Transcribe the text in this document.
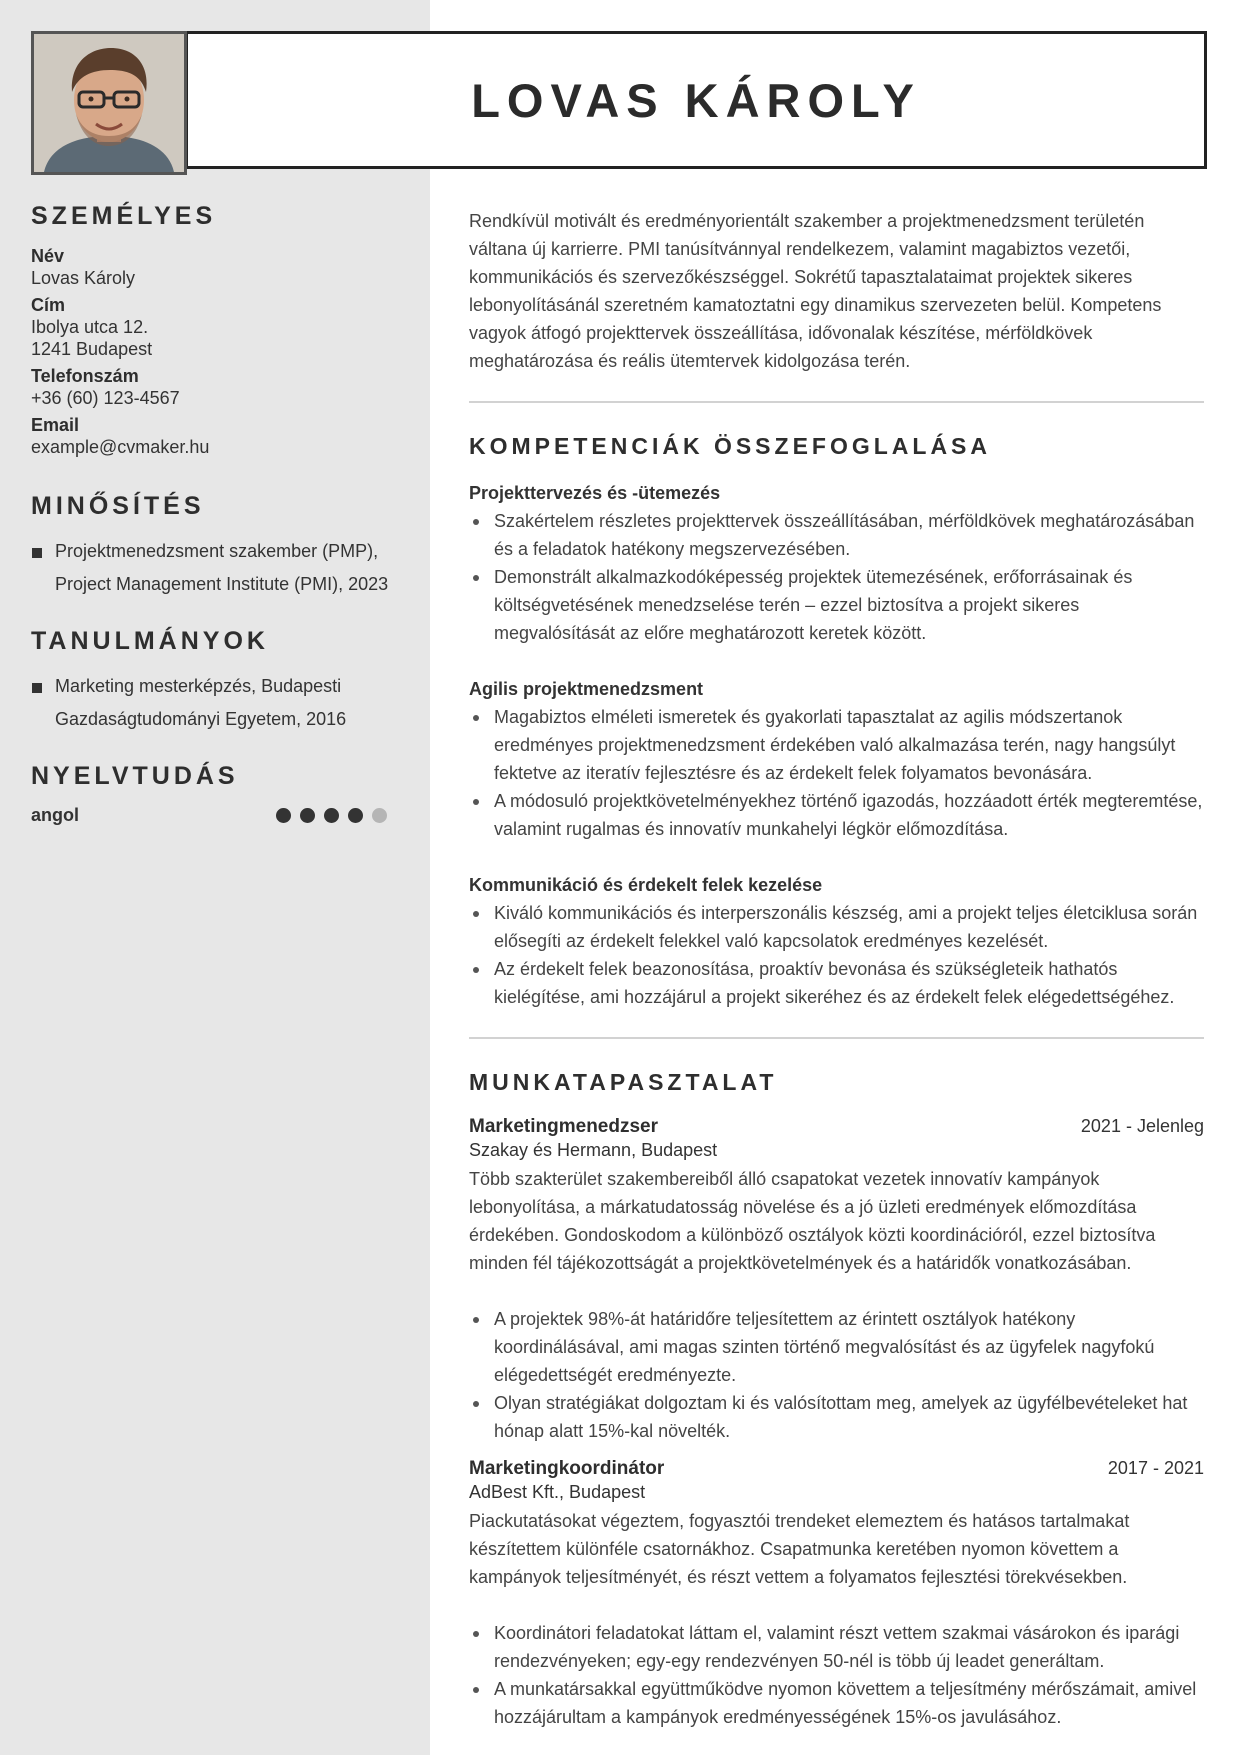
LOVAS KÁROLY
SZEMÉLYES
Név
Lovas Károly
Cím
Ibolya utca 12.
1241 Budapest
Telefonszám
+36 (60) 123-4567
Email
example@cvmaker.hu
MINŐSÍTÉS
Projektmenedzsment szakember (PMP), Project Management Institute (PMI), 2023
TANULMÁNYOK
Marketing mesterképzés, Budapesti Gazdaságtudományi Egyetem, 2016
NYELVTUDÁS
angol

Rendkívül motivált és eredményorientált szakember a projektmenedzsment területén váltana új karrierre. PMI tanúsítvánnyal rendelkezem, valamint magabiztos vezetői, kommunikációs és szervezőkészséggel. Sokrétű tapasztalataimat projektek sikeres lebonyolításánál szeretném kamatoztatni egy dinamikus szervezeten belül. Kompetens vagyok átfogó projekttervek összeállítása, idővonalak készítése, mérföldkövek meghatározása és reális ütemtervek kidolgozása terén.

KOMPETENCIÁK ÖSSZEFOGLALÁSA
Projekttervezés és -ütemezés
Szakértelem részletes projekttervek összeállításában, mérföldkövek meghatározásában és a feladatok hatékony megszervezésében.
Demonstrált alkalmazkodóképesség projektek ütemezésének, erőforrásainak és költségvetésének menedzselése terén – ezzel biztosítva a projekt sikeres megvalósítását az előre meghatározott keretek között.
Agilis projektmenedzsment
Magabiztos elméleti ismeretek és gyakorlati tapasztalat az agilis módszertanok eredményes projektmenedzsment érdekében való alkalmazása terén, nagy hangsúlyt fektetve az iteratív fejlesztésre és az érdekelt felek folyamatos bevonására.
A módosuló projektkövetelményekhez történő igazodás, hozzáadott érték megteremtése, valamint rugalmas és innovatív munkahelyi légkör előmozdítása.
Kommunikáció és érdekelt felek kezelése
Kiváló kommunikációs és interperszonális készség, ami a projekt teljes életciklusa során elősegíti az érdekelt felekkel való kapcsolatok eredményes kezelését.
Az érdekelt felek beazonosítása, proaktív bevonása és szükségleteik hathatós kielégítése, ami hozzájárul a projekt sikeréhez és az érdekelt felek elégedettségéhez.
MUNKATAPASZTALAT
Marketingmenedzser	2021 - Jelenleg
Szakay és Hermann, Budapest

Több szakterület szakembereiből álló csapatokat vezetek innovatív kampányok lebonyolítása, a márkatudatosság növelése és a jó üzleti eredmények előmozdítása érdekében. Gondoskodom a különböző osztályok közti koordinációról, ezzel biztosítva minden fél tájékozottságát a projektkövetelmények és a határidők vonatkozásában.

A projektek 98%-át határidőre teljesítettem az érintett osztályok hatékony koordinálásával, ami magas szinten történő megvalósítást és az ügyfelek nagyfokú elégedettségét eredményezte.
Olyan stratégiákat dolgoztam ki és valósítottam meg, amelyek az ügyfélbevételeket hat hónap alatt 15%-kal növelték.
Marketingkoordinátor	2017 - 2021
AdBest Kft., Budapest

Piackutatásokat végeztem, fogyasztói trendeket elemeztem és hatásos tartalmakat készítettem különféle csatornákhoz. Csapatmunka keretében nyomon követtem a kampányok teljesítményét, és részt vettem a folyamatos fejlesztési törekvésekben.

Koordinátori feladatokat láttam el, valamint részt vettem szakmai vásárokon és iparági rendezvényeken; egy-egy rendezvényen 50-nél is több új leadet generáltam.
A munkatársakkal együttműködve nyomon követtem a teljesítmény mérőszámait, amivel hozzájárultam a kampányok eredményességének 15%-os javulásához.
